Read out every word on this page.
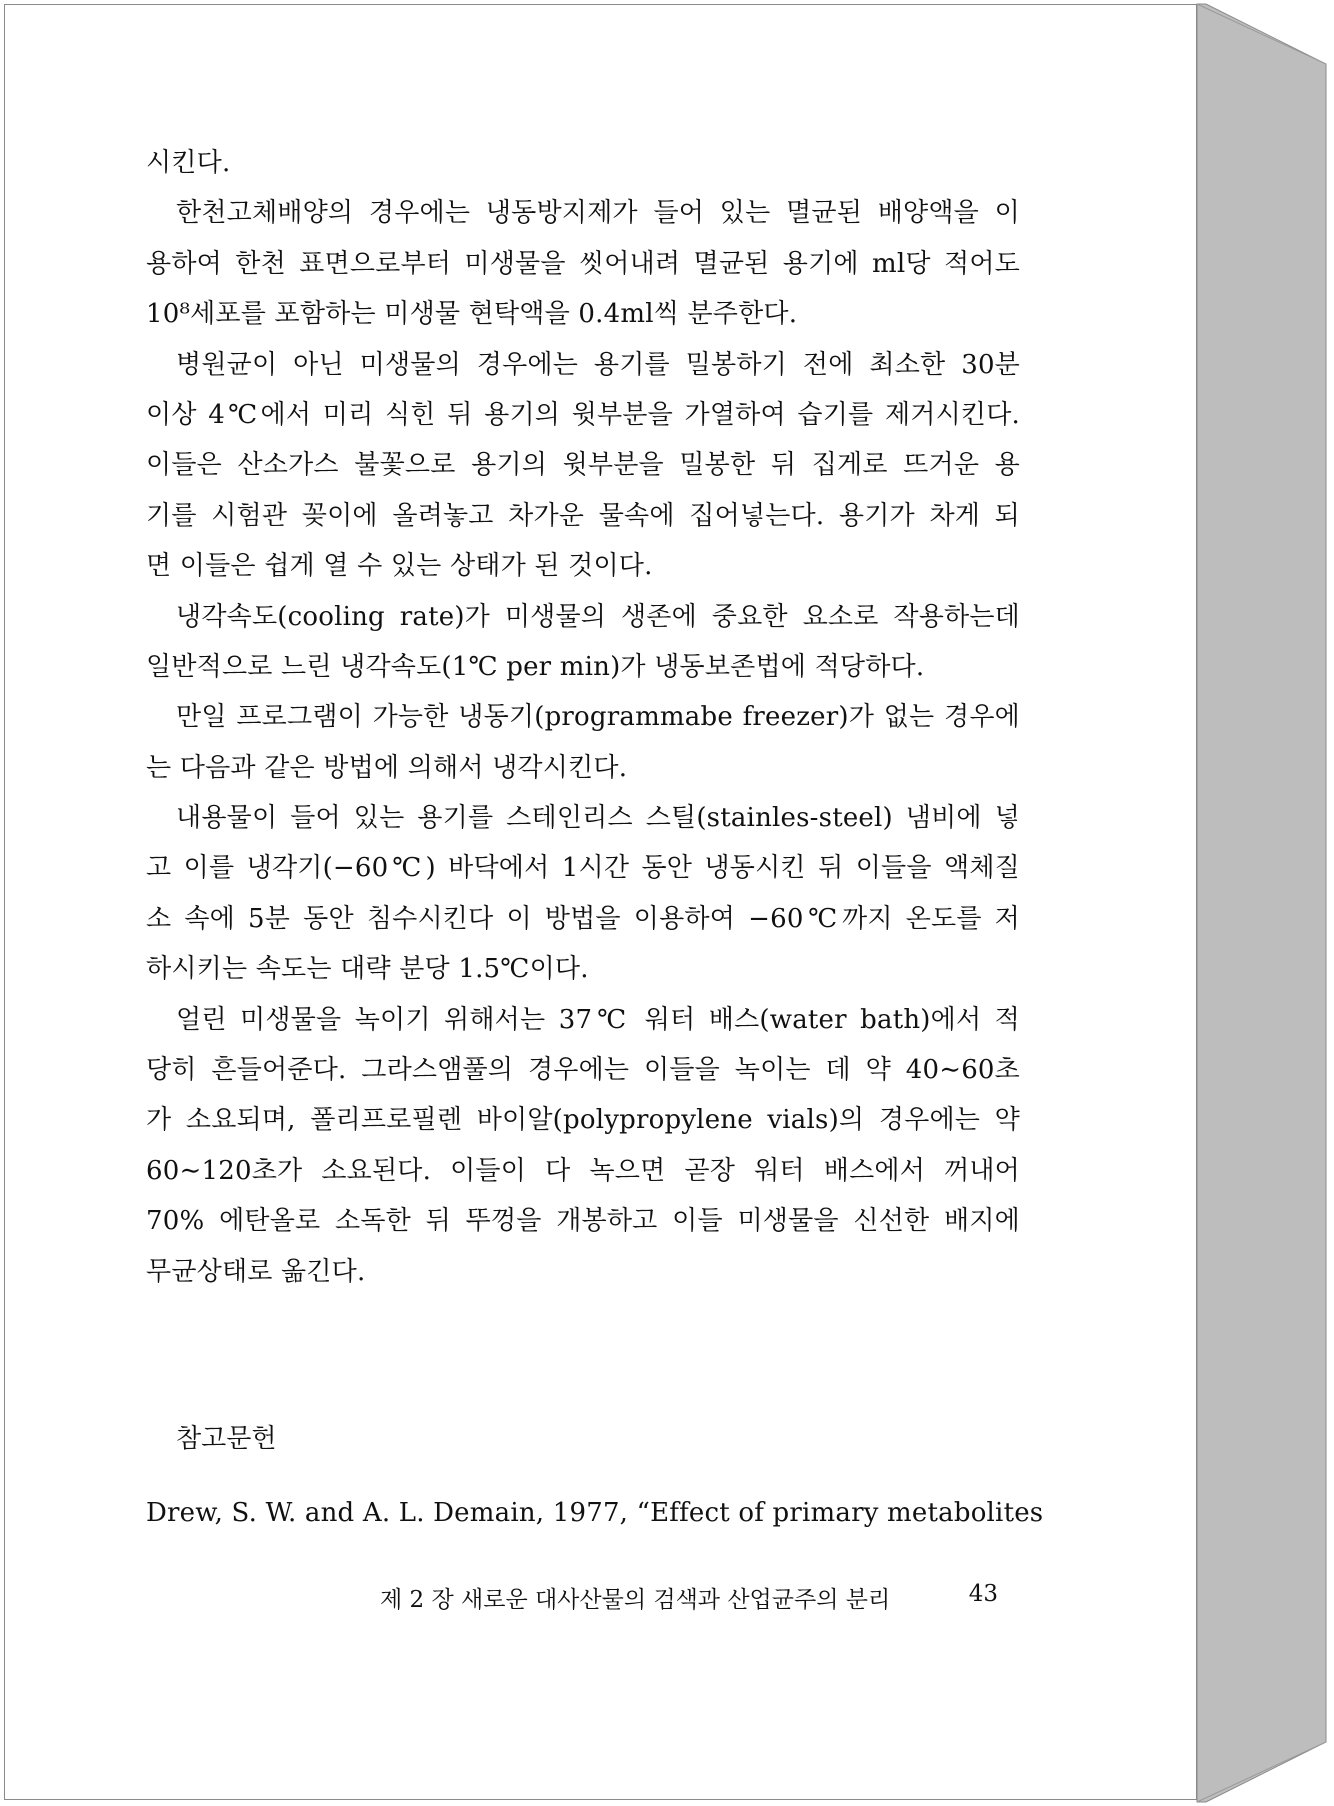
시킨다.
한천고체배양의 경우에는 냉동방지제가 들어 있는 멸균된 배양액을 이
용하여 한천 표면으로부터 미생물을 씻어내려 멸균된 용기에 ml당 적어도
10⁸세포를 포함하는 미생물 현탁액을 0.4ml씩 분주한다.
병원균이 아닌 미생물의 경우에는 용기를 밀봉하기 전에 최소한 30분
이상 4℃에서 미리 식힌 뒤 용기의 윗부분을 가열하여 습기를 제거시킨다.
이들은 산소가스 불꽃으로 용기의 윗부분을 밀봉한 뒤 집게로 뜨거운 용
기를 시험관 꽂이에 올려놓고 차가운 물속에 집어넣는다. 용기가 차게 되
면 이들은 쉽게 열 수 있는 상태가 된 것이다.
냉각속도(cooling rate)가 미생물의 생존에 중요한 요소로 작용하는데
일반적으로 느린 냉각속도(1℃ per min)가 냉동보존법에 적당하다.
만일 프로그램이 가능한 냉동기(programmabe freezer)가 없는 경우에
는 다음과 같은 방법에 의해서 냉각시킨다.
내용물이 들어 있는 용기를 스테인리스 스틸(stainles-steel) 냄비에 넣
고 이를 냉각기(−60℃) 바닥에서 1시간 동안 냉동시킨 뒤 이들을 액체질
소 속에 5분 동안 침수시킨다 이 방법을 이용하여 −60℃까지 온도를 저
하시키는 속도는 대략 분당 1.5℃이다.
얼린 미생물을 녹이기 위해서는 37℃ 워터 배스(water bath)에서 적
당히 흔들어준다. 그라스앰풀의 경우에는 이들을 녹이는 데 약 40∼60초
가 소요되며, 폴리프로필렌 바이알(polypropylene vials)의 경우에는 약
60∼120초가 소요된다. 이들이 다 녹으면 곧장 워터 배스에서 꺼내어
70% 에탄올로 소독한 뒤 뚜껑을 개봉하고 이들 미생물을 신선한 배지에
무균상태로 옮긴다.
참고문헌
Drew, S. W. and A. L. Demain, 1977, “Effect of primary metabolites
제 2 장 새로운 대사산물의 검색과 산업균주의 분리	43
